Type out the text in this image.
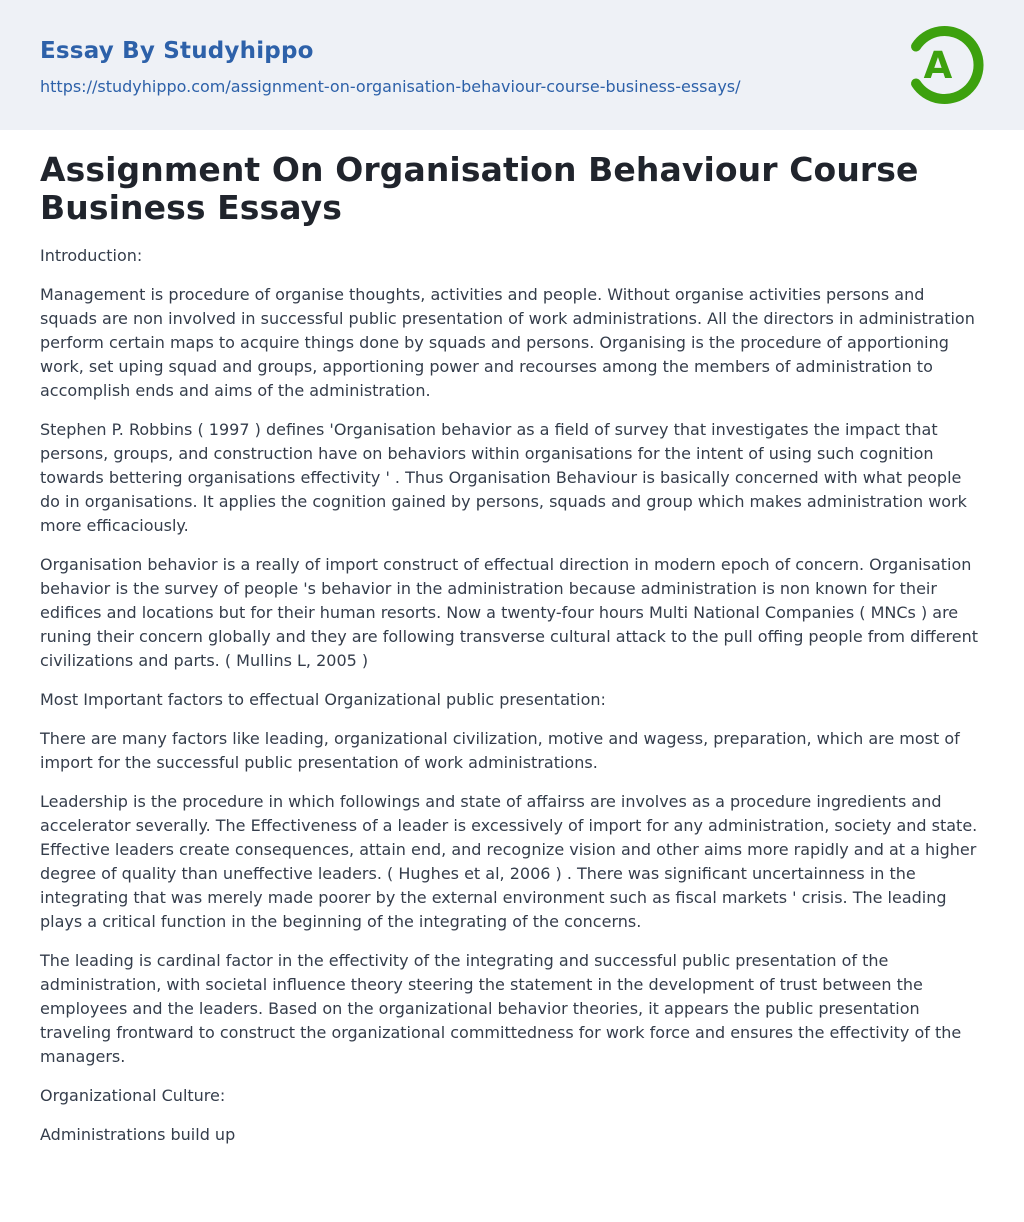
Essay By Studyhippo
https://studyhippo.com/assignment-on-organisation-behaviour-course-business-essays/	A
Assignment On Organisation Behaviour Course Business Essays

Introduction:

Management is procedure of organise thoughts, activities and people. Without organise activities persons and squads are non involved in successful public presentation of work administrations. All the directors in administration perform certain maps to acquire things done by squads and persons. Organising is the procedure of apportioning work, set uping squad and groups, apportioning power and recourses among the members of administration to accomplish ends and aims of the administration.

Stephen P. Robbins ( 1997 ) defines 'Organisation behavior as a field of survey that investigates the impact that persons, groups, and construction have on behaviors within organisations for the intent of using such cognition towards bettering organisations effectivity ' . Thus Organisation Behaviour is basically concerned with what people do in organisations. It applies the cognition gained by persons, squads and group which makes administration work more efficaciously.

Organisation behavior is a really of import construct of effectual direction in modern epoch of concern. Organisation behavior is the survey of people 's behavior in the administration because administration is non known for their edifices and locations but for their human resorts. Now a twenty-four hours Multi National Companies ( MNCs ) are runing their concern globally and they are following transverse cultural attack to the pull offing people from different civilizations and parts. ( Mullins L, 2005 )

Most Important factors to effectual Organizational public presentation:

There are many factors like leading, organizational civilization, motive and wagess, preparation, which are most of import for the successful public presentation of work administrations.

Leadership is the procedure in which followings and state of affairss are involves as a procedure ingredients and accelerator severally. The Effectiveness of a leader is excessively of import for any administration, society and state. Effective leaders create consequences, attain end, and recognize vision and other aims more rapidly and at a higher degree of quality than uneffective leaders. ( Hughes et al, 2006 ) . There was significant uncertainness in the integrating that was merely made poorer by the external environment such as fiscal markets ' crisis. The leading plays a critical function in the beginning of the integrating of the concerns.

The leading is cardinal factor in the effectivity of the integrating and successful public presentation of the administration, with societal influence theory steering the statement in the development of trust between the employees and the leaders. Based on the organizational behavior theories, it appears the public presentation traveling frontward to construct the organizational committedness for work force and ensures the effectivity of the managers.

Organizational Culture:

Administrations build up
